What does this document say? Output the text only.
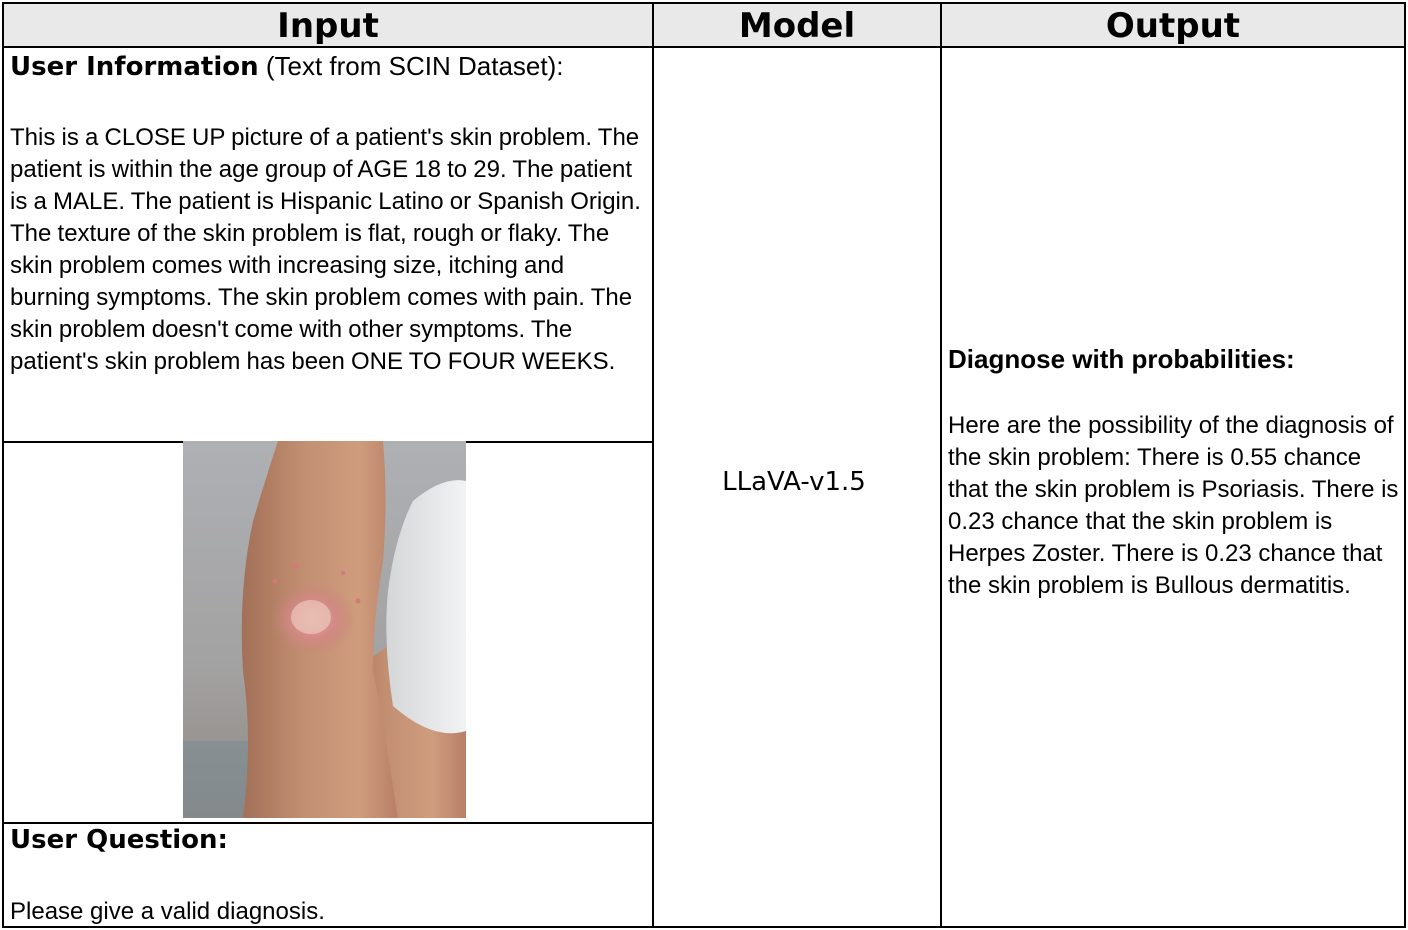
Input	Model	Output
User Information (Text from SCIN Dataset):
This is a CLOSE UP picture of a patient's skin problem. The patient is within the age group of AGE 18 to 29. The patient is a MALE. The patient is Hispanic Latino or Spanish Origin. The texture of the skin problem is flat, rough or flaky. The skin problem comes with increasing size, itching and burning symptoms. The skin problem comes with pain. The skin problem doesn't come with other symptoms. The patient's skin problem has been ONE TO FOUR WEEKS.
User Question:
Please give a valid diagnosis.
LLaVA-v1.5
Diagnose with probabilities:
Here are the possibility of the diagnosis of the skin problem: There is 0.55 chance that the skin problem is Psoriasis. There is 0.23 chance that the skin problem is Herpes Zoster. There is 0.23 chance that the skin problem is Bullous dermatitis.
